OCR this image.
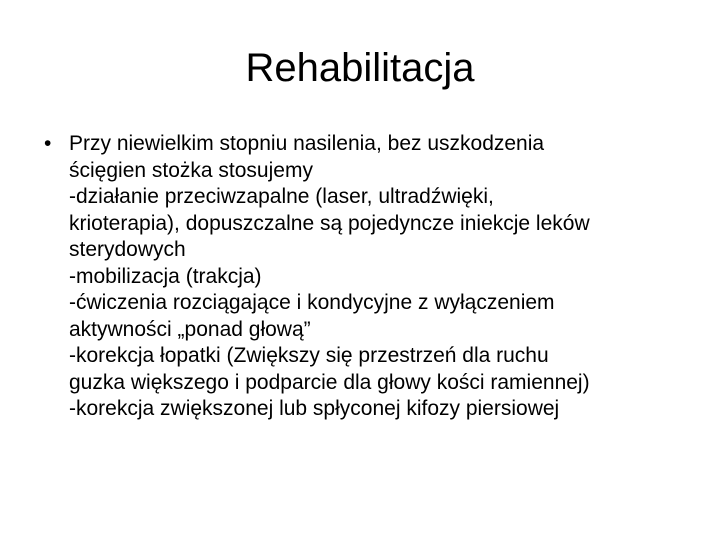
Rehabilitacja
• Przy niewielkim stopniu nasilenia, bez uszkodzenia
ścięgien stożka stosujemy
-działanie przeciwzapalne (laser, ultradźwięki,
krioterapia), dopuszczalne są pojedyncze iniekcje leków
sterydowych
-mobilizacja (trakcja)
-ćwiczenia rozciągające i kondycyjne z wyłączeniem
aktywności „ponad głową”
-korekcja łopatki (Zwiększy się przestrzeń dla ruchu
guzka większego i podparcie dla głowy kości ramiennej)
-korekcja zwiększonej lub spłyconej kifozy piersiowej
